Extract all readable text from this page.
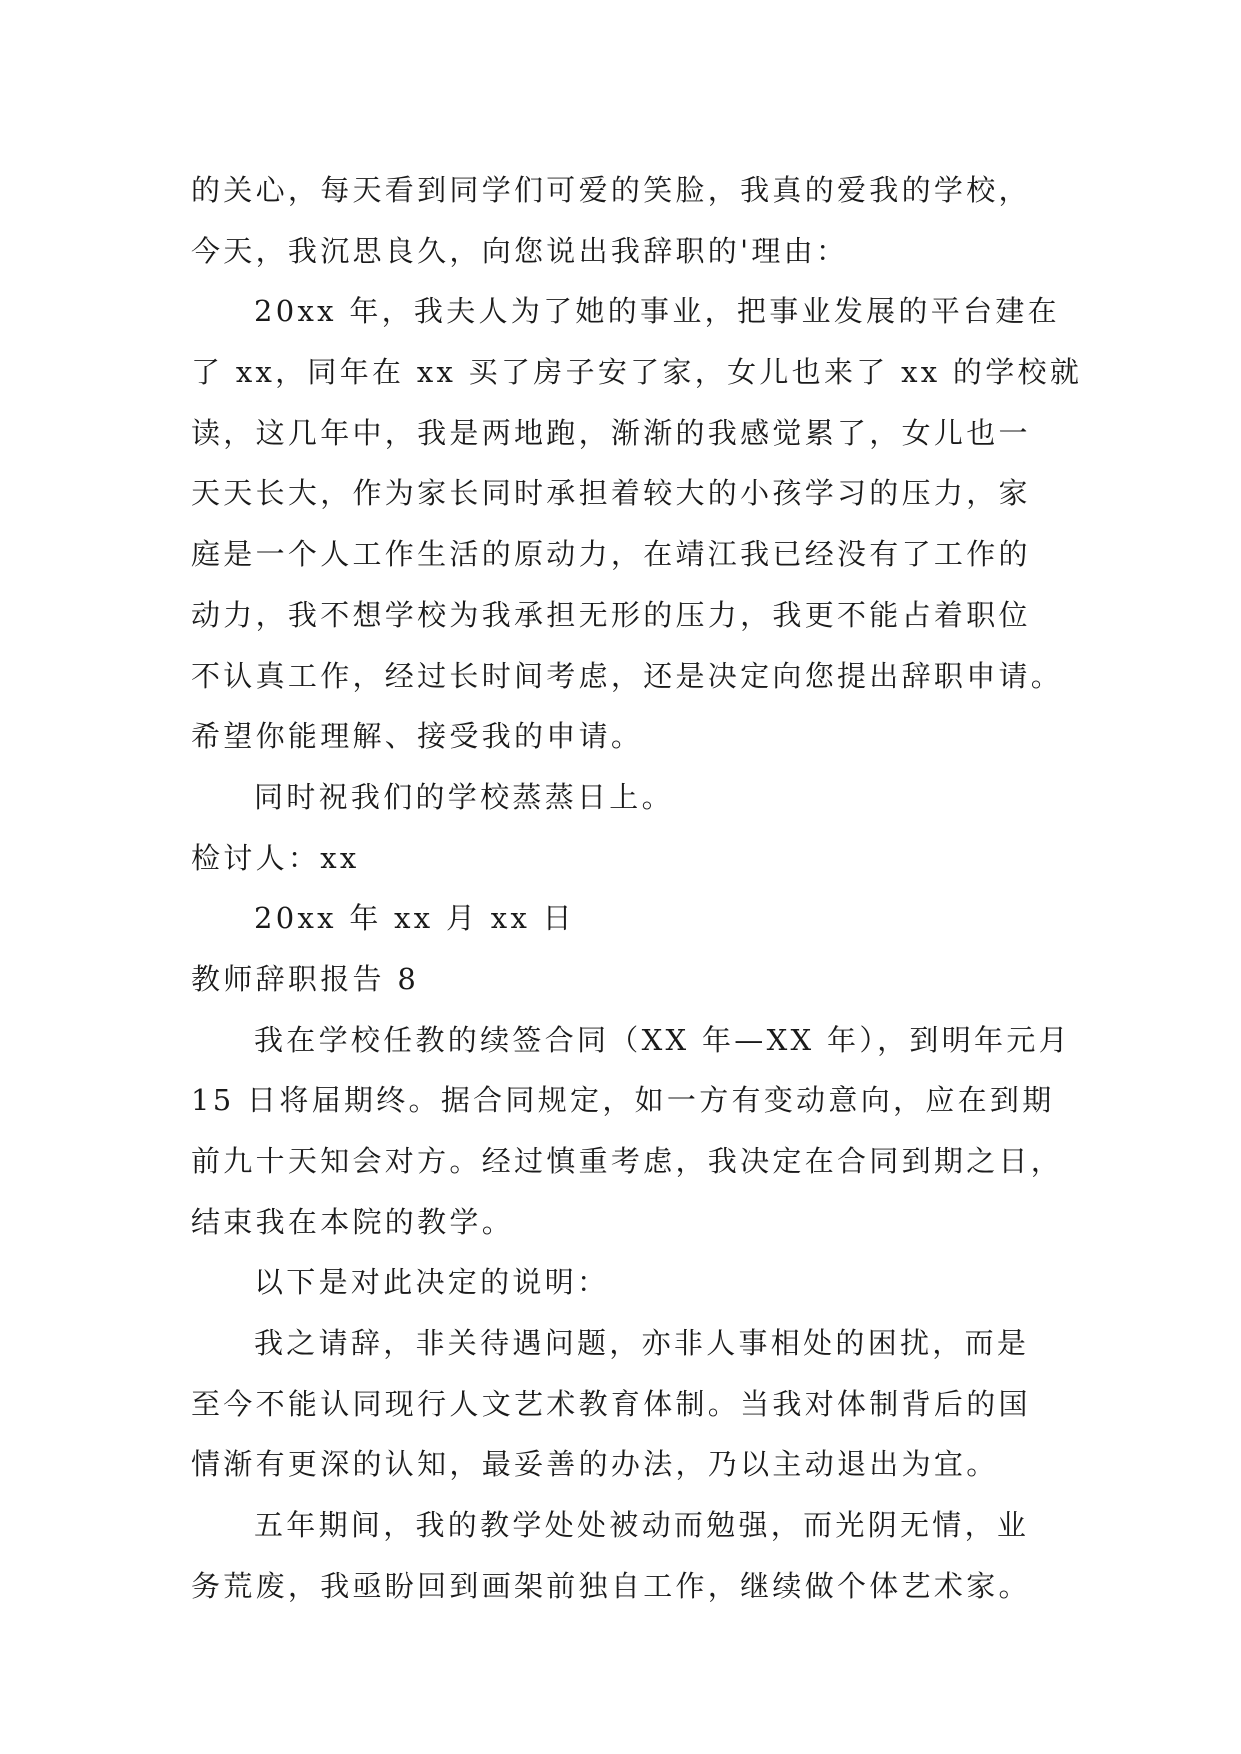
的关心，每天看到同学们可爱的笑脸，我真的爱我的学校，
今天，我沉思良久，向您说出我辞职的'理由：
20xx 年，我夫人为了她的事业，把事业发展的平台建在
了 xx，同年在 xx 买了房子安了家，女儿也来了 xx 的学校就
读，这几年中，我是两地跑，渐渐的我感觉累了，女儿也一
天天长大，作为家长同时承担着较大的小孩学习的压力，家
庭是一个人工作生活的原动力，在靖江我已经没有了工作的
动力，我不想学校为我承担无形的压力，我更不能占着职位
不认真工作，经过长时间考虑，还是决定向您提出辞职申请。
希望你能理解、接受我的申请。
同时祝我们的学校蒸蒸日上。
检讨人：xx
20xx 年 xx 月 xx 日
教师辞职报告 8
我在学校任教的续签合同（XX 年—XX 年），到明年元月
15 日将届期终。据合同规定，如一方有变动意向，应在到期
前九十天知会对方。经过慎重考虑，我决定在合同到期之日，
结束我在本院的教学。
以下是对此决定的说明：
我之请辞，非关待遇问题，亦非人事相处的困扰，而是
至今不能认同现行人文艺术教育体制。当我对体制背后的国
情渐有更深的认知，最妥善的办法，乃以主动退出为宜。
五年期间，我的教学处处被动而勉强，而光阴无情，业
务荒废，我亟盼回到画架前独自工作，继续做个体艺术家。
